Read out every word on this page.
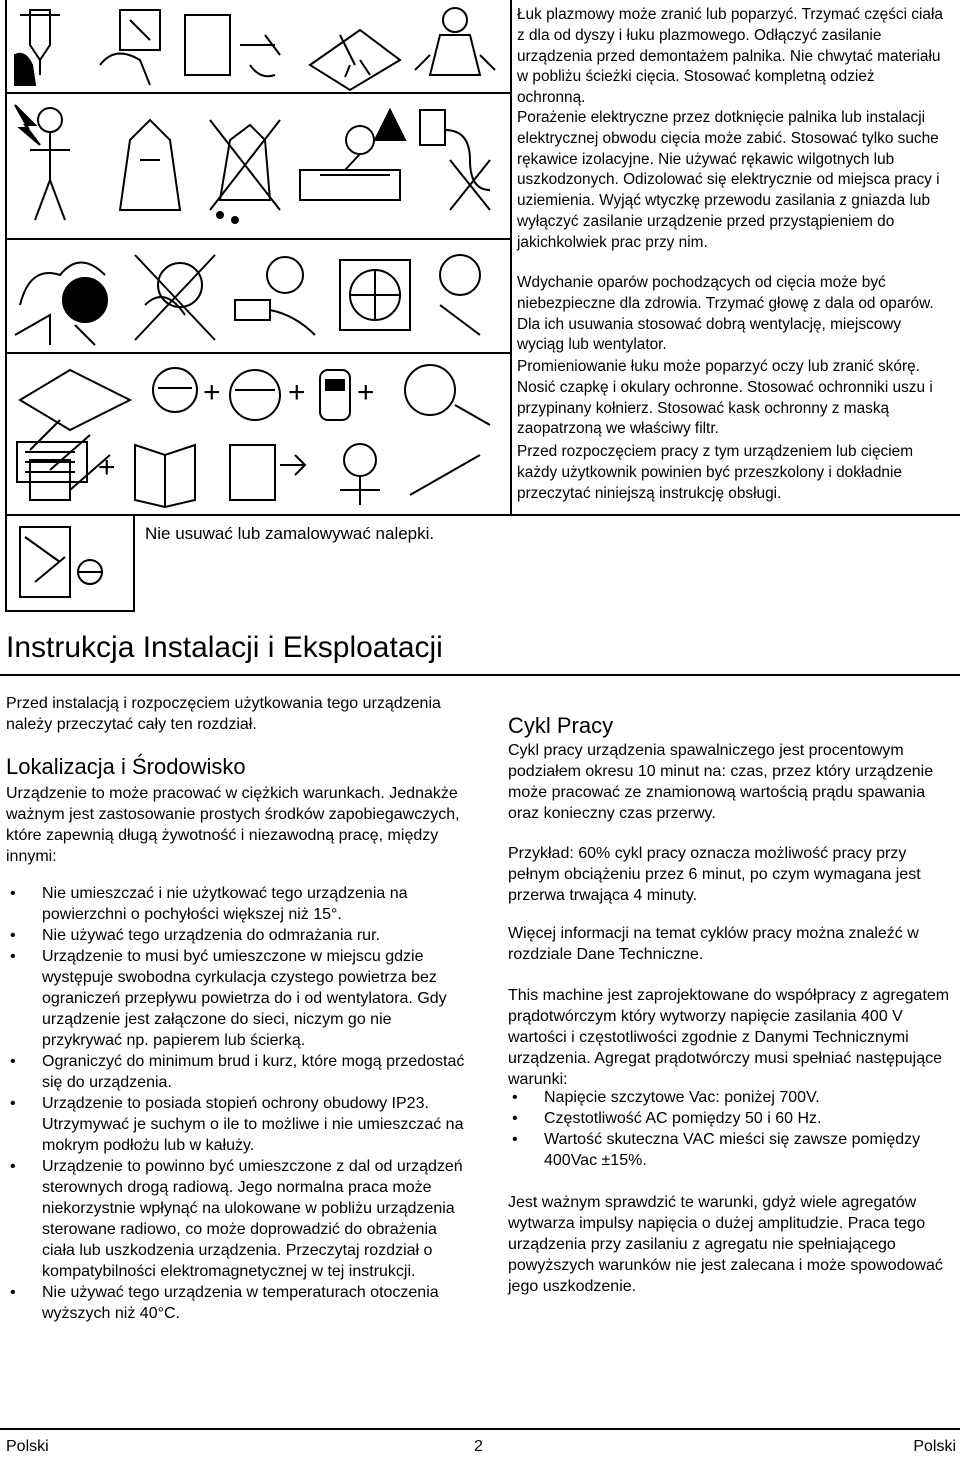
+ + +
+

Łuk plazmowy może zranić lub poparzyć. Trzymać części ciała z dla od dyszy i łuku plazmowego. Odłączyć zasilanie urządzenia przed demontażem palnika. Nie chwytać materiału w pobliżu ścieżki cięcia. Stosować kompletną odzież ochronną.

Porażenie elektryczne przez dotknięcie palnika lub instalacji elektrycznej obwodu cięcia może zabić. Stosować tylko suche rękawice izolacyjne. Nie używać rękawic wilgotnych lub uszkodzonych. Odizolować się elektrycznie od miejsca pracy i uziemienia. Wyjąć wtyczkę przewodu zasilania z gniazda lub wyłączyć zasilanie urządzenie przed przystąpieniem do jakichkolwiek prac przy nim.

Wdychanie oparów pochodzących od cięcia może być niebezpieczne dla zdrowia. Trzymać głowę z dala od oparów. Dla ich usuwania stosować dobrą wentylację, miejscowy wyciąg lub wentylator.

Promieniowanie łuku może poparzyć oczy lub zranić skórę. Nosić czapkę i okulary ochronne. Stosować ochronniki uszu i przypinany kołnierz. Stosować kask ochronny z maską zaopatrzoną we właściwy filtr.

Przed rozpoczęciem pracy z tym urządzeniem lub cięciem każdy użytkownik powinien być przeszkolony i dokładnie przeczytać niniejszą instrukcję obsługi.

Nie usuwać lub zamalowywać nalepki.
Instrukcja Instalacji i Eksploatacji
Przed instalacją i rozpoczęciem użytkowania tego urządzenia należy przeczytać cały ten rozdział.
Lokalizacja i Środowisko
Urządzenie to może pracować w ciężkich warunkach. Jednakże ważnym jest zastosowanie prostych środków zapobiegawczych, które zapewnią długą żywotność i niezawodną pracę, między innymi:
• Nie umieszczać i nie użytkować tego urządzenia na powierzchni o pochyłości większej niż 15°.
• Nie używać tego urządzenia do odmrażania rur.
• Urządzenie to musi być umieszczone w miejscu gdzie występuje swobodna cyrkulacja czystego powietrza bez ograniczeń przepływu powietrza do i od wentylatora. Gdy urządzenie jest załączone do sieci, niczym go nie przykrywać np. papierem lub ścierką.
• Ograniczyć do minimum brud i kurz, które mogą przedostać się do urządzenia.
• Urządzenie to posiada stopień ochrony obudowy IP23. Utrzymywać je suchym o ile to możliwe i nie umieszczać na mokrym podłożu lub w kałuży.
• Urządzenie to powinno być umieszczone z dal od urządzeń sterownych drogą radiową. Jego normalna praca może niekorzystnie wpłynąć na ulokowane w pobliżu urządzenia sterowane radiowo, co może doprowadzić do obrażenia ciała lub uszkodzenia urządzenia. Przeczytaj rozdział o kompatybilności elektromagnetycznej w tej instrukcji.
• Nie używać tego urządzenia w temperaturach otoczenia wyższych niż 40°C.
Cykl Pracy
Cykl pracy urządzenia spawalniczego jest procentowym podziałem okresu 10 minut na: czas, przez który urządzenie może pracować ze znamionową wartością prądu spawania oraz konieczny czas przerwy.
Przykład: 60% cykl pracy oznacza możliwość pracy przy pełnym obciążeniu przez 6 minut, po czym wymagana jest przerwa trwająca 4 minuty.
Więcej informacji na temat cyklów pracy można znaleźć w rozdziale Dane Techniczne.
This machine jest zaprojektowane do współpracy z agregatem prądotwórczym który wytworzy napięcie zasilania 400 V wartości i częstotliwości zgodnie z Danymi Technicznymi urządzenia. Agregat prądotwórczy musi spełniać następujące warunki:
• Napięcie szczytowe Vac: poniżej 700V.
• Częstotliwość AC pomiędzy 50 i 60 Hz.
• Wartość skuteczna VAC mieści się zawsze pomiędzy 400Vac ±15%.
Jest ważnym sprawdzić te warunki, gdyż wiele agregatów wytwarza impulsy napięcia o dużej amplitudzie. Praca tego urządzenia przy zasilaniu z agregatu nie spełniającego powyższych warunków nie jest zalecana i może spowodować jego uszkodzenie.
Polski	2	Polski
